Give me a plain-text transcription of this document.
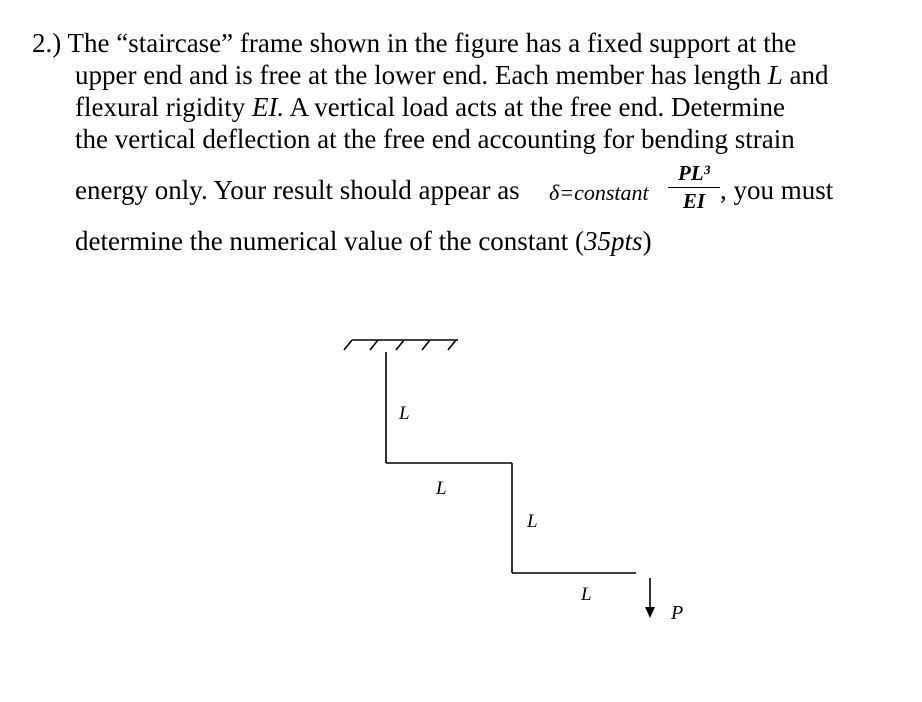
2.) The “staircase” frame shown in the figure has a fixed support at the
upper end and is free at the lower end. Each member has length L and
flexural rigidity EI. A vertical load acts at the free end. Determine
the vertical deflection at the free end accounting for bending strain
energy only. Your result should appear as δ=constant
PL³
EI , you must
determine the numerical value of the constant (35pts)
L
L
L
L
P
